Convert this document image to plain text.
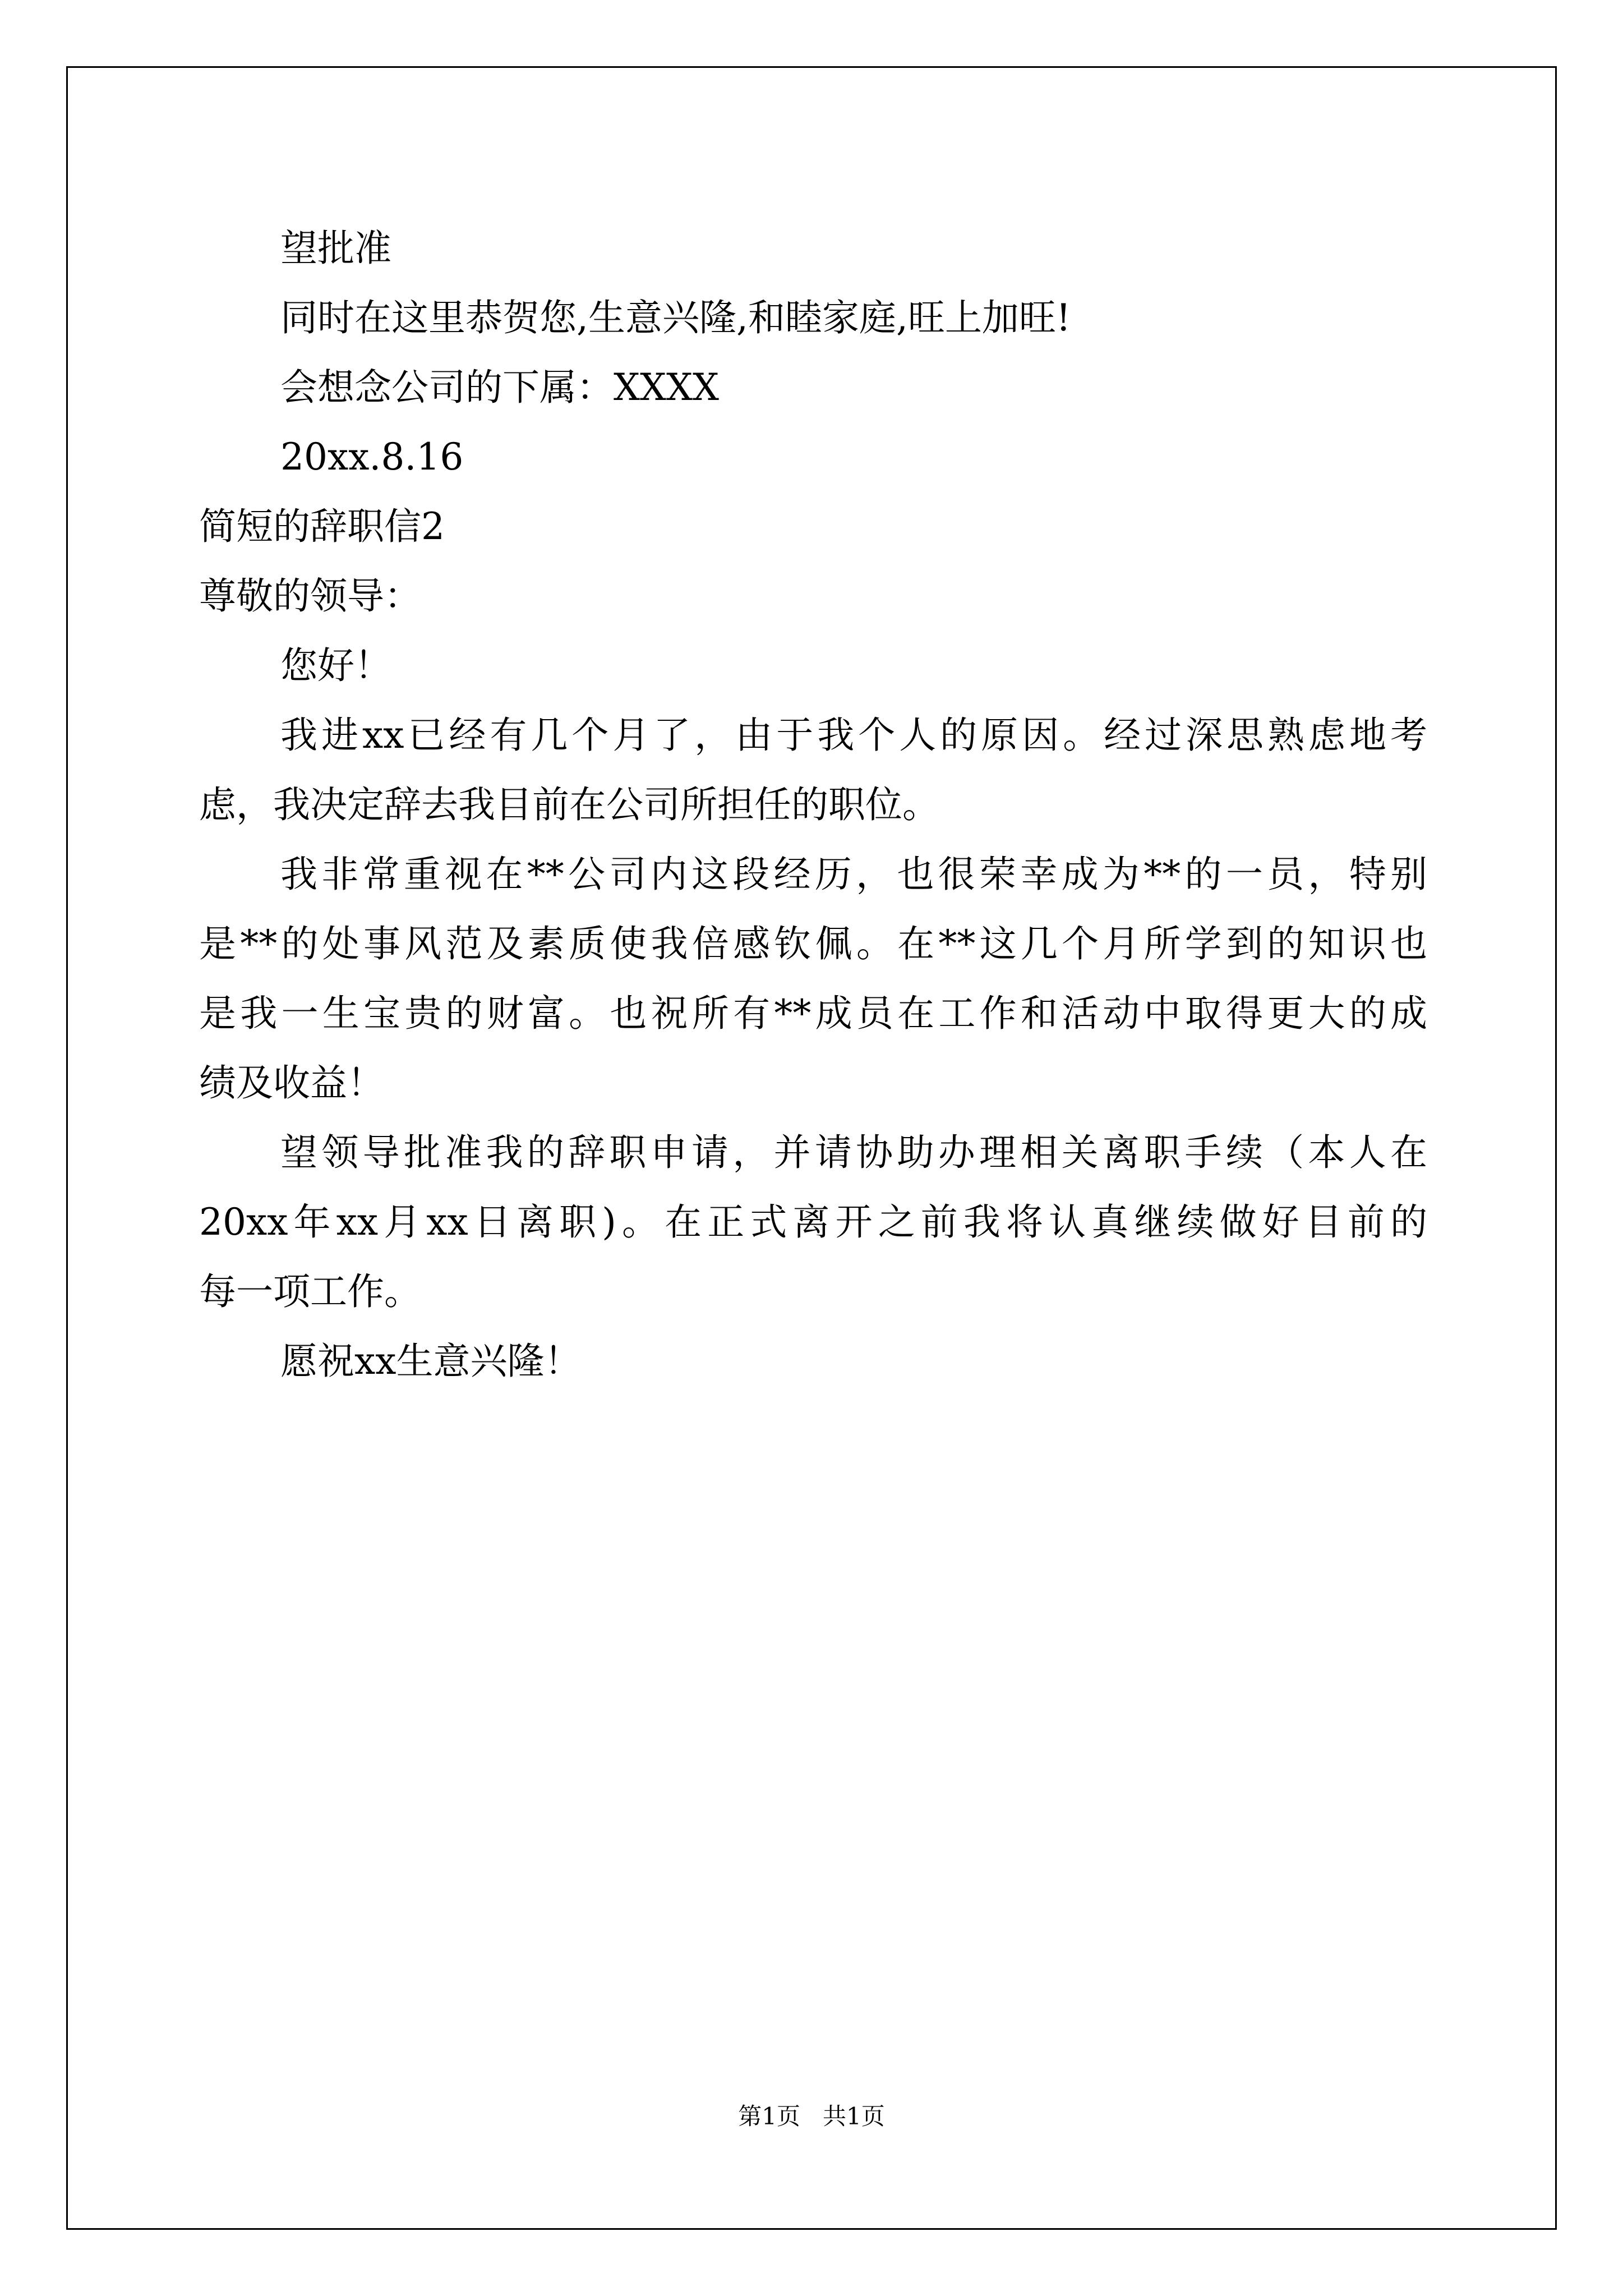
望批准
同时在这里恭贺您,生意兴隆,和睦家庭,旺上加旺!
会想念公司的下属：XXXX
20xx.8.16
简短的辞职信2
尊敬的领导：
您好！
我进xx已经有几个月了，由于我个人的原因。经过深思熟虑地考
虑，我决定辞去我目前在公司所担任的职位。
我非常重视在**公司内这段经历，也很荣幸成为**的一员，特别
是**的处事风范及素质使我倍感钦佩。在**这几个月所学到的知识也
是我一生宝贵的财富。也祝所有**成员在工作和活动中取得更大的成
绩及收益！
望领导批准我的辞职申请，并请协助办理相关离职手续（本人在
20xx年xx月xx日离职)。在正式离开之前我将认真继续做好目前的
每一项工作。
愿祝xx生意兴隆！
第1页   共1页
